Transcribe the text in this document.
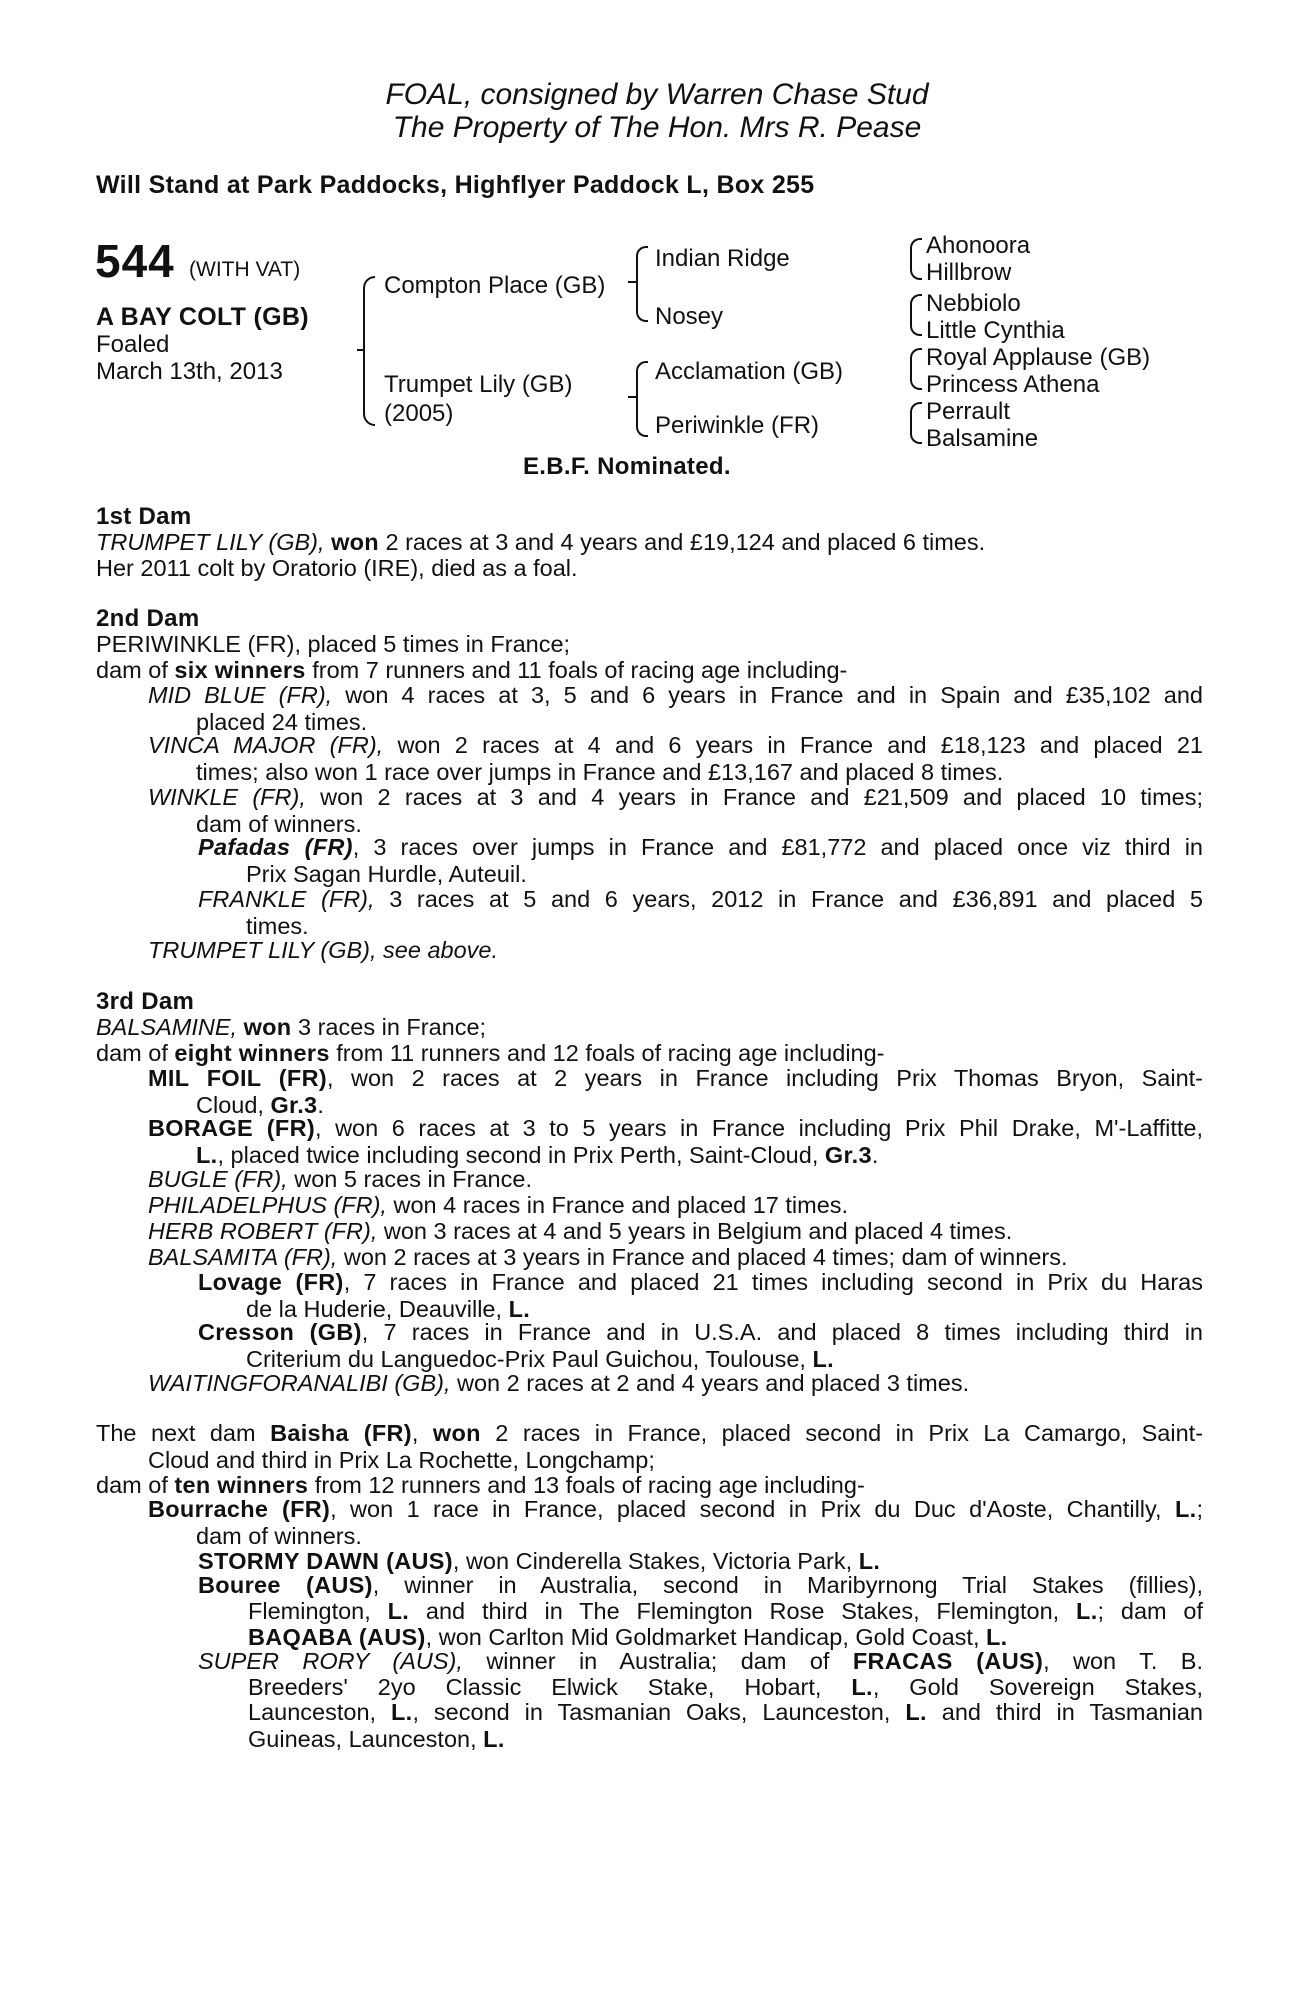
FOAL, consigned by Warren Chase Stud
The Property of The Hon. Mrs R. Pease
Will Stand at Park Paddocks, Highflyer Paddock L, Box 255
544 (WITH VAT)
A BAY COLT (GB)
Foaled
March 13th, 2013
Compton Place (GB)
Trumpet Lily (GB)
(2005)
Indian Ridge
Nosey
Acclamation (GB)
Periwinkle (FR)
Ahonoora
Hillbrow
Nebbiolo
Little Cynthia
Royal Applause (GB)
Princess Athena
Perrault
Balsamine
E.B.F. Nominated.
1st Dam
TRUMPET LILY (GB), won 2 races at 3 and 4 years and £19,124 and placed 6 times.
Her 2011 colt by Oratorio (IRE), died as a foal.
2nd Dam
PERIWINKLE (FR), placed 5 times in France;
dam of six winners from 7 runners and 11 foals of racing age including-
MID BLUE (FR), won 4 races at 3, 5 and 6 years in France and in Spain and £35,102 and
placed 24 times.
VINCA MAJOR (FR), won 2 races at 4 and 6 years in France and £18,123 and placed 21
times; also won 1 race over jumps in France and £13,167 and placed 8 times.
WINKLE (FR), won 2 races at 3 and 4 years in France and £21,509 and placed 10 times;
dam of winners.
Pafadas (FR), 3 races over jumps in France and £81,772 and placed once viz third in
Prix Sagan Hurdle, Auteuil.
FRANKLE (FR), 3 races at 5 and 6 years, 2012 in France and £36,891 and placed 5
times.
TRUMPET LILY (GB), see above.
3rd Dam
BALSAMINE, won 3 races in France;
dam of eight winners from 11 runners and 12 foals of racing age including-
MIL FOIL (FR), won 2 races at 2 years in France including Prix Thomas Bryon, Saint-
Cloud, Gr.3.
BORAGE (FR), won 6 races at 3 to 5 years in France including Prix Phil Drake, M'-Laffitte,
L., placed twice including second in Prix Perth, Saint-Cloud, Gr.3.
BUGLE (FR), won 5 races in France.
PHILADELPHUS (FR), won 4 races in France and placed 17 times.
HERB ROBERT (FR), won 3 races at 4 and 5 years in Belgium and placed 4 times.
BALSAMITA (FR), won 2 races at 3 years in France and placed 4 times; dam of winners.
Lovage (FR), 7 races in France and placed 21 times including second in Prix du Haras
de la Huderie, Deauville, L.
Cresson (GB), 7 races in France and in U.S.A. and placed 8 times including third in
Criterium du Languedoc-Prix Paul Guichou, Toulouse, L.
WAITINGFORANALIBI (GB), won 2 races at 2 and 4 years and placed 3 times.
The next dam Baisha (FR), won 2 races in France, placed second in Prix La Camargo, Saint-
Cloud and third in Prix La Rochette, Longchamp;
dam of ten winners from 12 runners and 13 foals of racing age including-
Bourrache (FR), won 1 race in France, placed second in Prix du Duc d'Aoste, Chantilly, L.;
dam of winners.
STORMY DAWN (AUS), won Cinderella Stakes, Victoria Park, L.
Bouree (AUS), winner in Australia, second in Maribyrnong Trial Stakes (fillies),
Flemington, L. and third in The Flemington Rose Stakes, Flemington, L.; dam of
BAQABA (AUS), won Carlton Mid Goldmarket Handicap, Gold Coast, L.
SUPER RORY (AUS), winner in Australia; dam of FRACAS (AUS), won T. B.
Breeders' 2yo Classic Elwick Stake, Hobart, L., Gold Sovereign Stakes,
Launceston, L., second in Tasmanian Oaks, Launceston, L. and third in Tasmanian
Guineas, Launceston, L.
